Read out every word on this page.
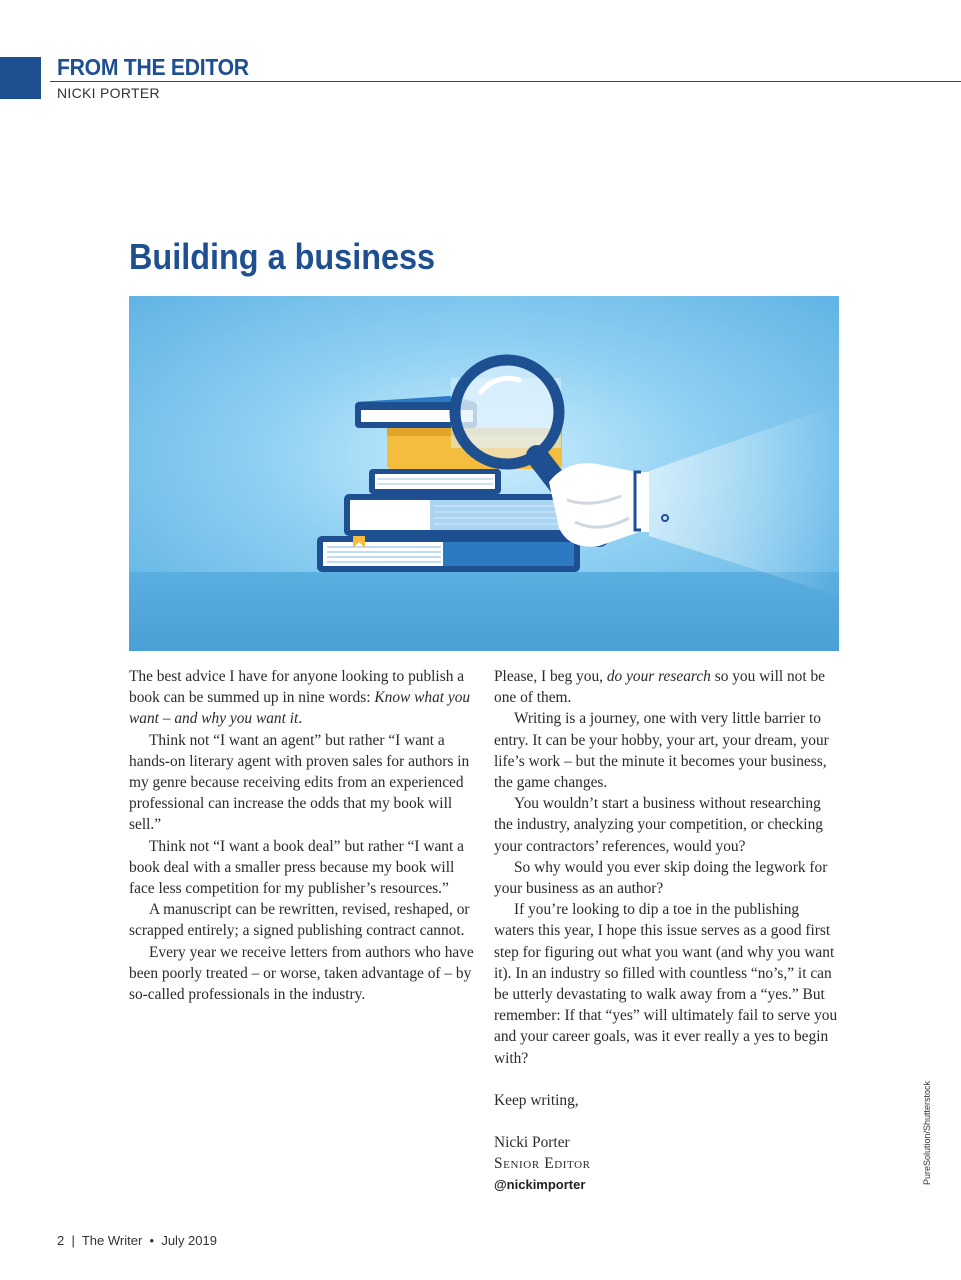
FROM THE EDITOR
NICKI PORTER
Building a business

The best advice I have for anyone looking to publish a book can be summed up in nine words: Know what you want – and why you want it.

Think not “I want an agent” but rather “I want a hands-on literary agent with proven sales for authors in my genre because receiving edits from an experienced professional can increase the odds that my book will sell.”

Think not “I want a book deal” but rather “I want a book deal with a smaller press because my book will face less competition for my publisher’s resources.”

A manuscript can be rewritten, revised, reshaped, or scrapped entirely; a signed publishing contract cannot.

Every year we receive letters from authors who have been poorly treated – or worse, taken advantage of – by so-called professionals in the industry.

Please, I beg you, do your research so you will not be one of them.

Writing is a journey, one with very little barrier to entry. It can be your hobby, your art, your dream, your life’s work – but the minute it becomes your business, the game changes.

You wouldn’t start a business without researching the industry, analyzing your competition, or checking your contractors’ references, would you?

So why would you ever skip doing the legwork for your business as an author?

If you’re looking to dip a toe in the publishing waters this year, I hope this issue serves as a good first step for figuring out what you want (and why you want it). In an industry so filled with countless “no’s,” it can be utterly devastating to walk away from a “yes.” But remember: If that “yes” will ultimately fail to serve you and your career goals, was it ever really a yes to begin with?

Keep writing,

Nicki Porter

Senior Editor

@nickimporter	PureSolution/Shutterstock
2 | The Writer • July 2019
